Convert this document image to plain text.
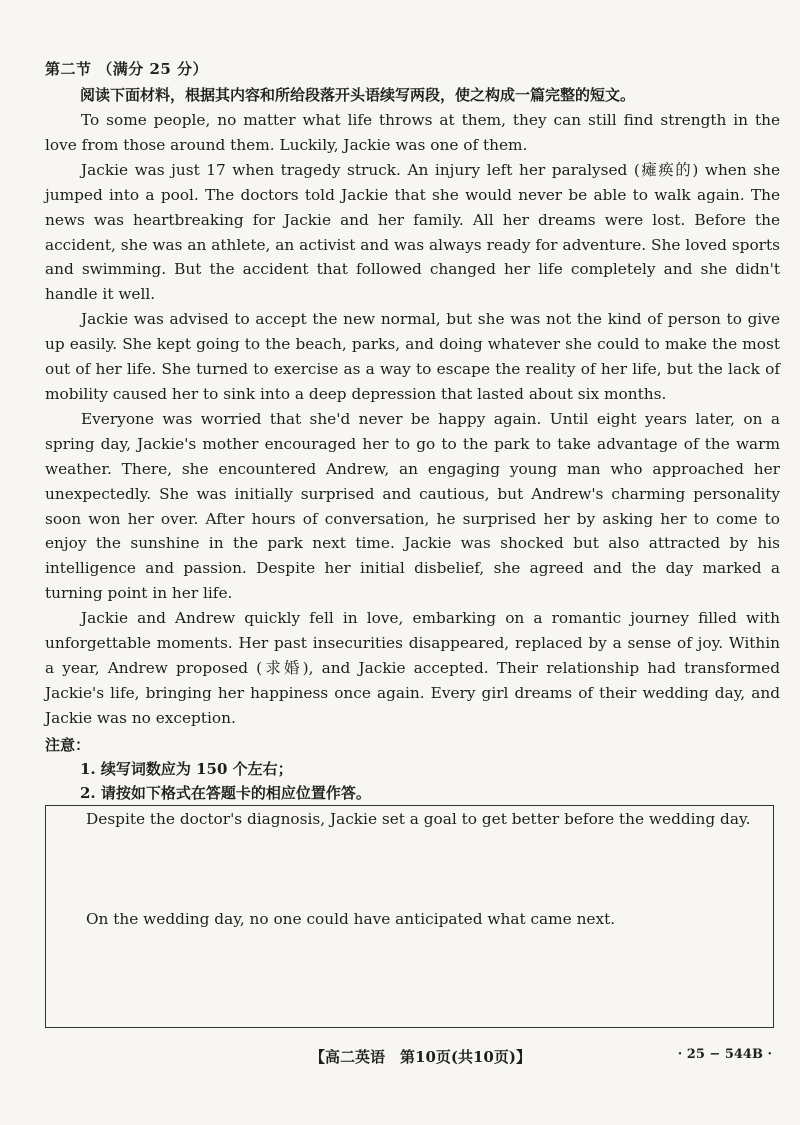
第二节 （满分 25 分）
阅读下面材料，根据其内容和所给段落开头语续写两段，使之构成一篇完整的短文。

To some people, no matter what life throws at them, they can still find strength in the love from those around them. Luckily, Jackie was one of them.

Jackie was just 17 when tragedy struck. An injury left her paralysed (瘫痪的) when she jumped into a pool. The doctors told Jackie that she would never be able to walk again. The news was heartbreaking for Jackie and her family. All her dreams were lost. Before the accident, she was an athlete, an activist and was always ready for adventure. She loved sports and swimming. But the accident that followed changed her life completely and she didn't handle it well.

Jackie was advised to accept the new normal, but she was not the kind of person to give up easily. She kept going to the beach, parks, and doing whatever she could to make the most out of her life. She turned to exercise as a way to escape the reality of her life, but the lack of mobility caused her to sink into a deep depression that lasted about six months.

Everyone was worried that she'd never be happy again. Until eight years later, on a spring day, Jackie's mother encouraged her to go to the park to take advantage of the warm weather. There, she encountered Andrew, an engaging young man who approached her unexpectedly. She was initially surprised and cautious, but Andrew's charming personality soon won her over. After hours of conversation, he surprised her by asking her to come to enjoy the sunshine in the park next time. Jackie was shocked but also attracted by his intelligence and passion. Despite her initial disbelief, she agreed and the day marked a turning point in her life.

Jackie and Andrew quickly fell in love, embarking on a romantic journey filled with unforgettable moments. Her past insecurities disappeared, replaced by a sense of joy. Within a year, Andrew proposed (求婚), and Jackie accepted. Their relationship had transformed Jackie's life, bringing her happiness once again. Every girl dreams of their wedding day, and Jackie was no exception.

注意：
1. 续写词数应为 150 个左右；
2. 请按如下格式在答题卡的相应位置作答。
Despite the doctor's diagnosis, Jackie set a goal to get better before the wedding day.
On the wedding day, no one could have anticipated what came next.
【高二英语　第10页(共10页)】	· 25 − 544B ·
